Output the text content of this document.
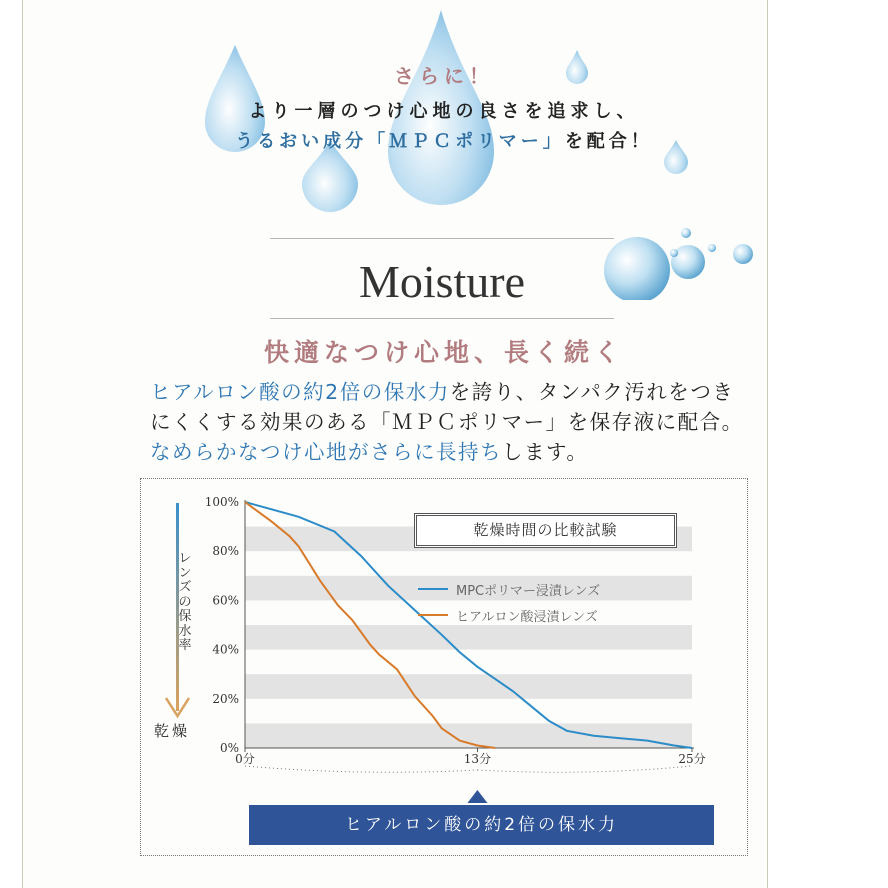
さらに！
より一層のつけ心地の良さを追求し、
うるおい成分「ＭＰＣポリマー」を配合！
Moisture
快適なつけ心地、長く続く
ヒアルロン酸の約2倍の保水力を誇り、タンパク汚れをつきにくくする効果のある「ＭＰＣポリマー」を保存液に配合。なめらかなつけ心地がさらに長持ちします。
100%
80%
60%
40%
20%
0%
0分	13分	25分
レンズの保水率
乾燥
乾燥時間の比較試験
MPCポリマー浸漬レンズ
ヒアルロン酸浸漬レンズ
ヒアルロン酸の約2倍の保水力
